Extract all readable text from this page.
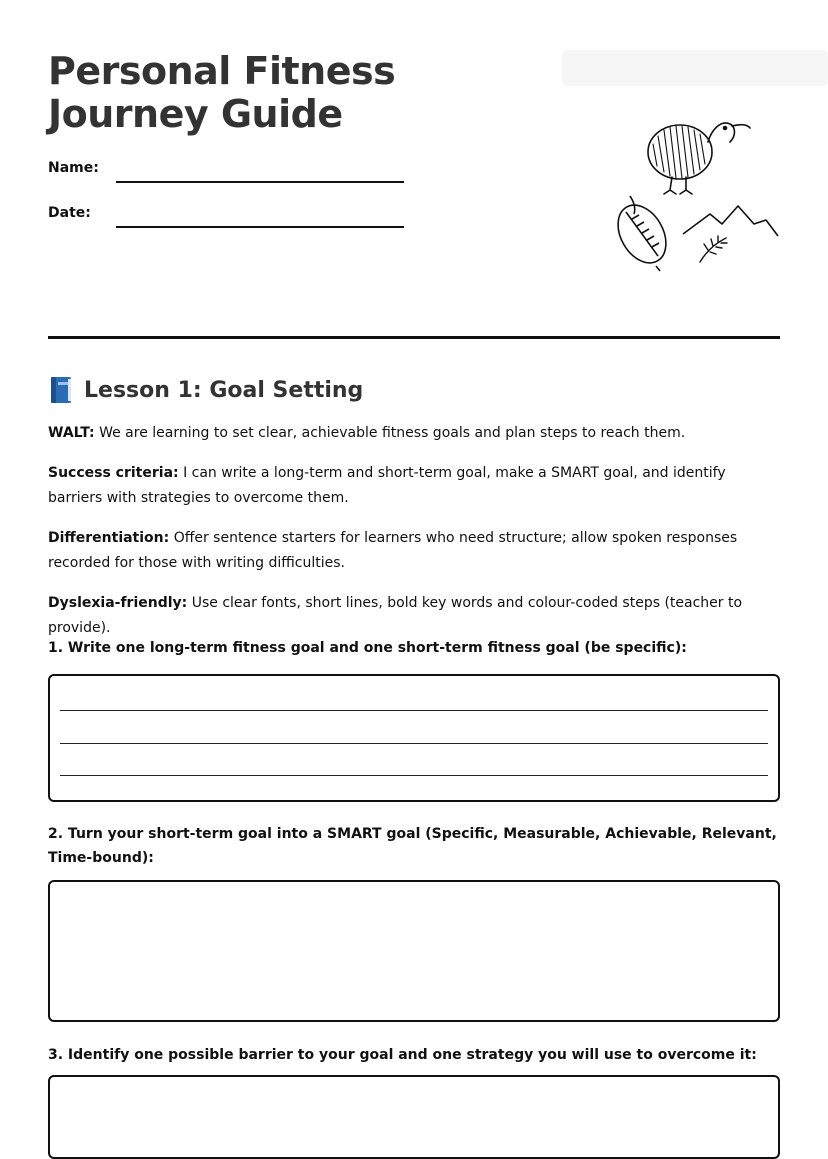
Personal Fitness Journey Guide
Name:
Date:
Lesson 1: Goal Setting

WALT: We are learning to set clear, achievable fitness goals and plan steps to reach them.

Success criteria: I can write a long-term and short-term goal, make a SMART goal, and identify barriers with strategies to overcome them.

Differentiation: Offer sentence starters for learners who need structure; allow spoken responses recorded for those with writing difficulties.

Dyslexia-friendly: Use clear fonts, short lines, bold key words and colour-coded steps (teacher to provide).

1. Write one long-term fitness goal and one short-term fitness goal (be specific):

2. Turn your short-term goal into a SMART goal (Specific, Measurable, Achievable, Relevant, Time-bound):

3. Identify one possible barrier to your goal and one strategy you will use to overcome it:
